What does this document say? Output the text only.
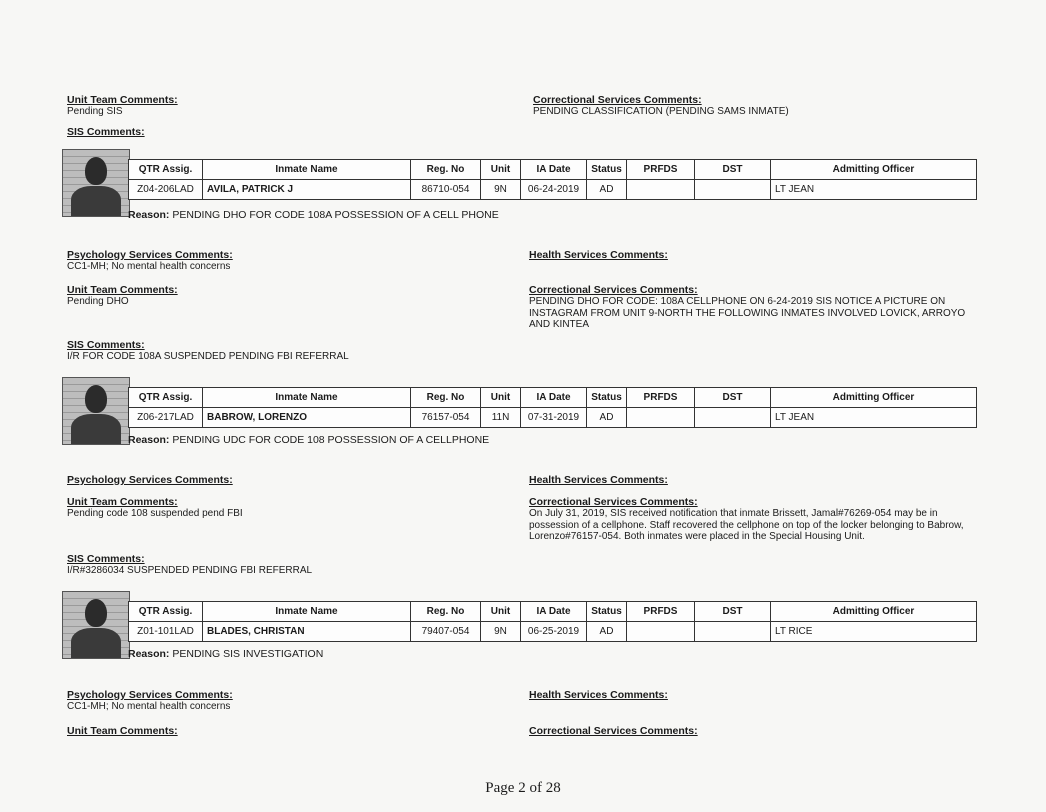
Unit Team Comments:
Pending SIS
Correctional Services Comments:
PENDING CLASSIFICATION (PENDING SAMS INMATE)
SIS Comments:
QTR Assig.	Inmate Name	Reg. No	Unit	IA Date	Status	PRFDS	DST	Admitting Officer
Z04-206LAD	AVILA, PATRICK J	86710-054	9N	06-24-2019	AD			LT JEAN
Reason: PENDING DHO FOR CODE 108A POSSESSION OF A CELL PHONE
Psychology Services Comments:
CC1-MH; No mental health concerns
Health Services Comments:
Unit Team Comments:
Pending DHO
Correctional Services Comments:
PENDING DHO FOR CODE: 108A CELLPHONE ON 6-24-2019 SIS NOTICE A PICTURE ON INSTAGRAM FROM UNIT 9-NORTH THE FOLLOWING INMATES INVOLVED LOVICK, ARROYO AND KINTEA
SIS Comments:
I/R FOR CODE 108A SUSPENDED PENDING FBI REFERRAL
QTR Assig.	Inmate Name	Reg. No	Unit	IA Date	Status	PRFDS	DST	Admitting Officer
Z06-217LAD	BABROW, LORENZO	76157-054	11N	07-31-2019	AD			LT JEAN
Reason: PENDING UDC FOR CODE 108 POSSESSION OF A CELLPHONE
Psychology Services Comments:	Health Services Comments:
Unit Team Comments:
Pending code 108 suspended pend FBI
Correctional Services Comments:
On July 31, 2019, SIS received notification that inmate Brissett, Jamal#76269-054 may be in possession of a cellphone. Staff recovered the cellphone on top of the locker belonging to Babrow, Lorenzo#76157-054. Both inmates were placed in the Special Housing Unit.
SIS Comments:
I/R#3286034 SUSPENDED PENDING FBI REFERRAL
QTR Assig.	Inmate Name	Reg. No	Unit	IA Date	Status	PRFDS	DST	Admitting Officer
Z01-101LAD	BLADES, CHRISTAN	79407-054	9N	06-25-2019	AD			LT RICE
Reason: PENDING SIS INVESTIGATION
Psychology Services Comments:
CC1-MH; No mental health concerns
Health Services Comments:
Unit Team Comments:	Correctional Services Comments:
Page 2 of 28
